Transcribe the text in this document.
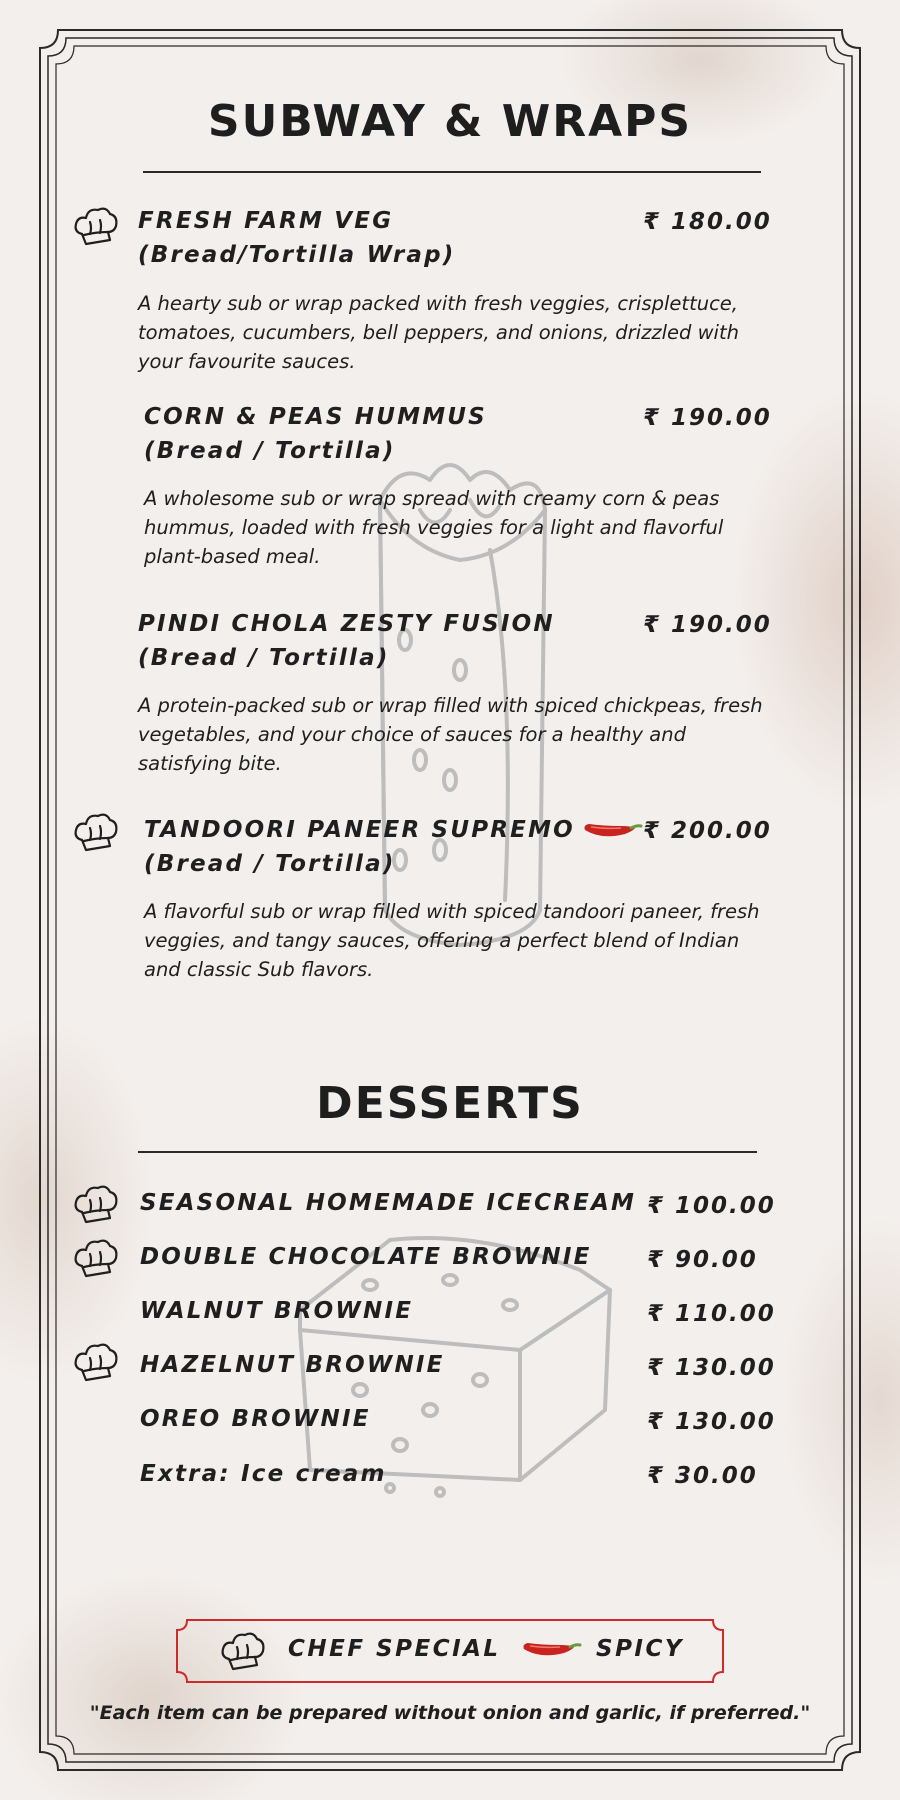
SUBWAY & WRAPS
FRESH FARM VEG
(Bread/Tortilla Wrap)
A hearty sub or wrap packed with fresh veggies, crisplettuce, tomatoes, cucumbers, bell peppers, and onions, drizzled with your favourite sauces.
₹ 180.00
CORN & PEAS HUMMUS
(Bread / Tortilla)
A wholesome sub or wrap spread with creamy corn & peas hummus, loaded with fresh veggies for a light and flavorful plant-based meal.
₹ 190.00
PINDI CHOLA ZESTY FUSION
(Bread / Tortilla)
A protein-packed sub or wrap filled with spiced chickpeas, fresh vegetables, and your choice of sauces for a healthy and satisfying bite.
₹ 190.00
TANDOORI PANEER SUPREMO
(Bread / Tortilla)
A flavorful sub or wrap filled with spiced tandoori paneer, fresh veggies, and tangy sauces, offering a perfect blend of Indian and classic Sub flavors.
₹ 200.00
DESSERTS
SEASONAL HOMEMADE ICECREAM ₹ 100.00
DOUBLE CHOCOLATE BROWNIE ₹ 90.00
WALNUT BROWNIE	₹ 110.00
HAZELNUT BROWNIE	₹ 130.00
OREO BROWNIE	₹ 130.00
Extra: Ice cream	₹ 30.00
CHEF SPECIAL	SPICY
"Each item can be prepared without onion and garlic, if preferred."
